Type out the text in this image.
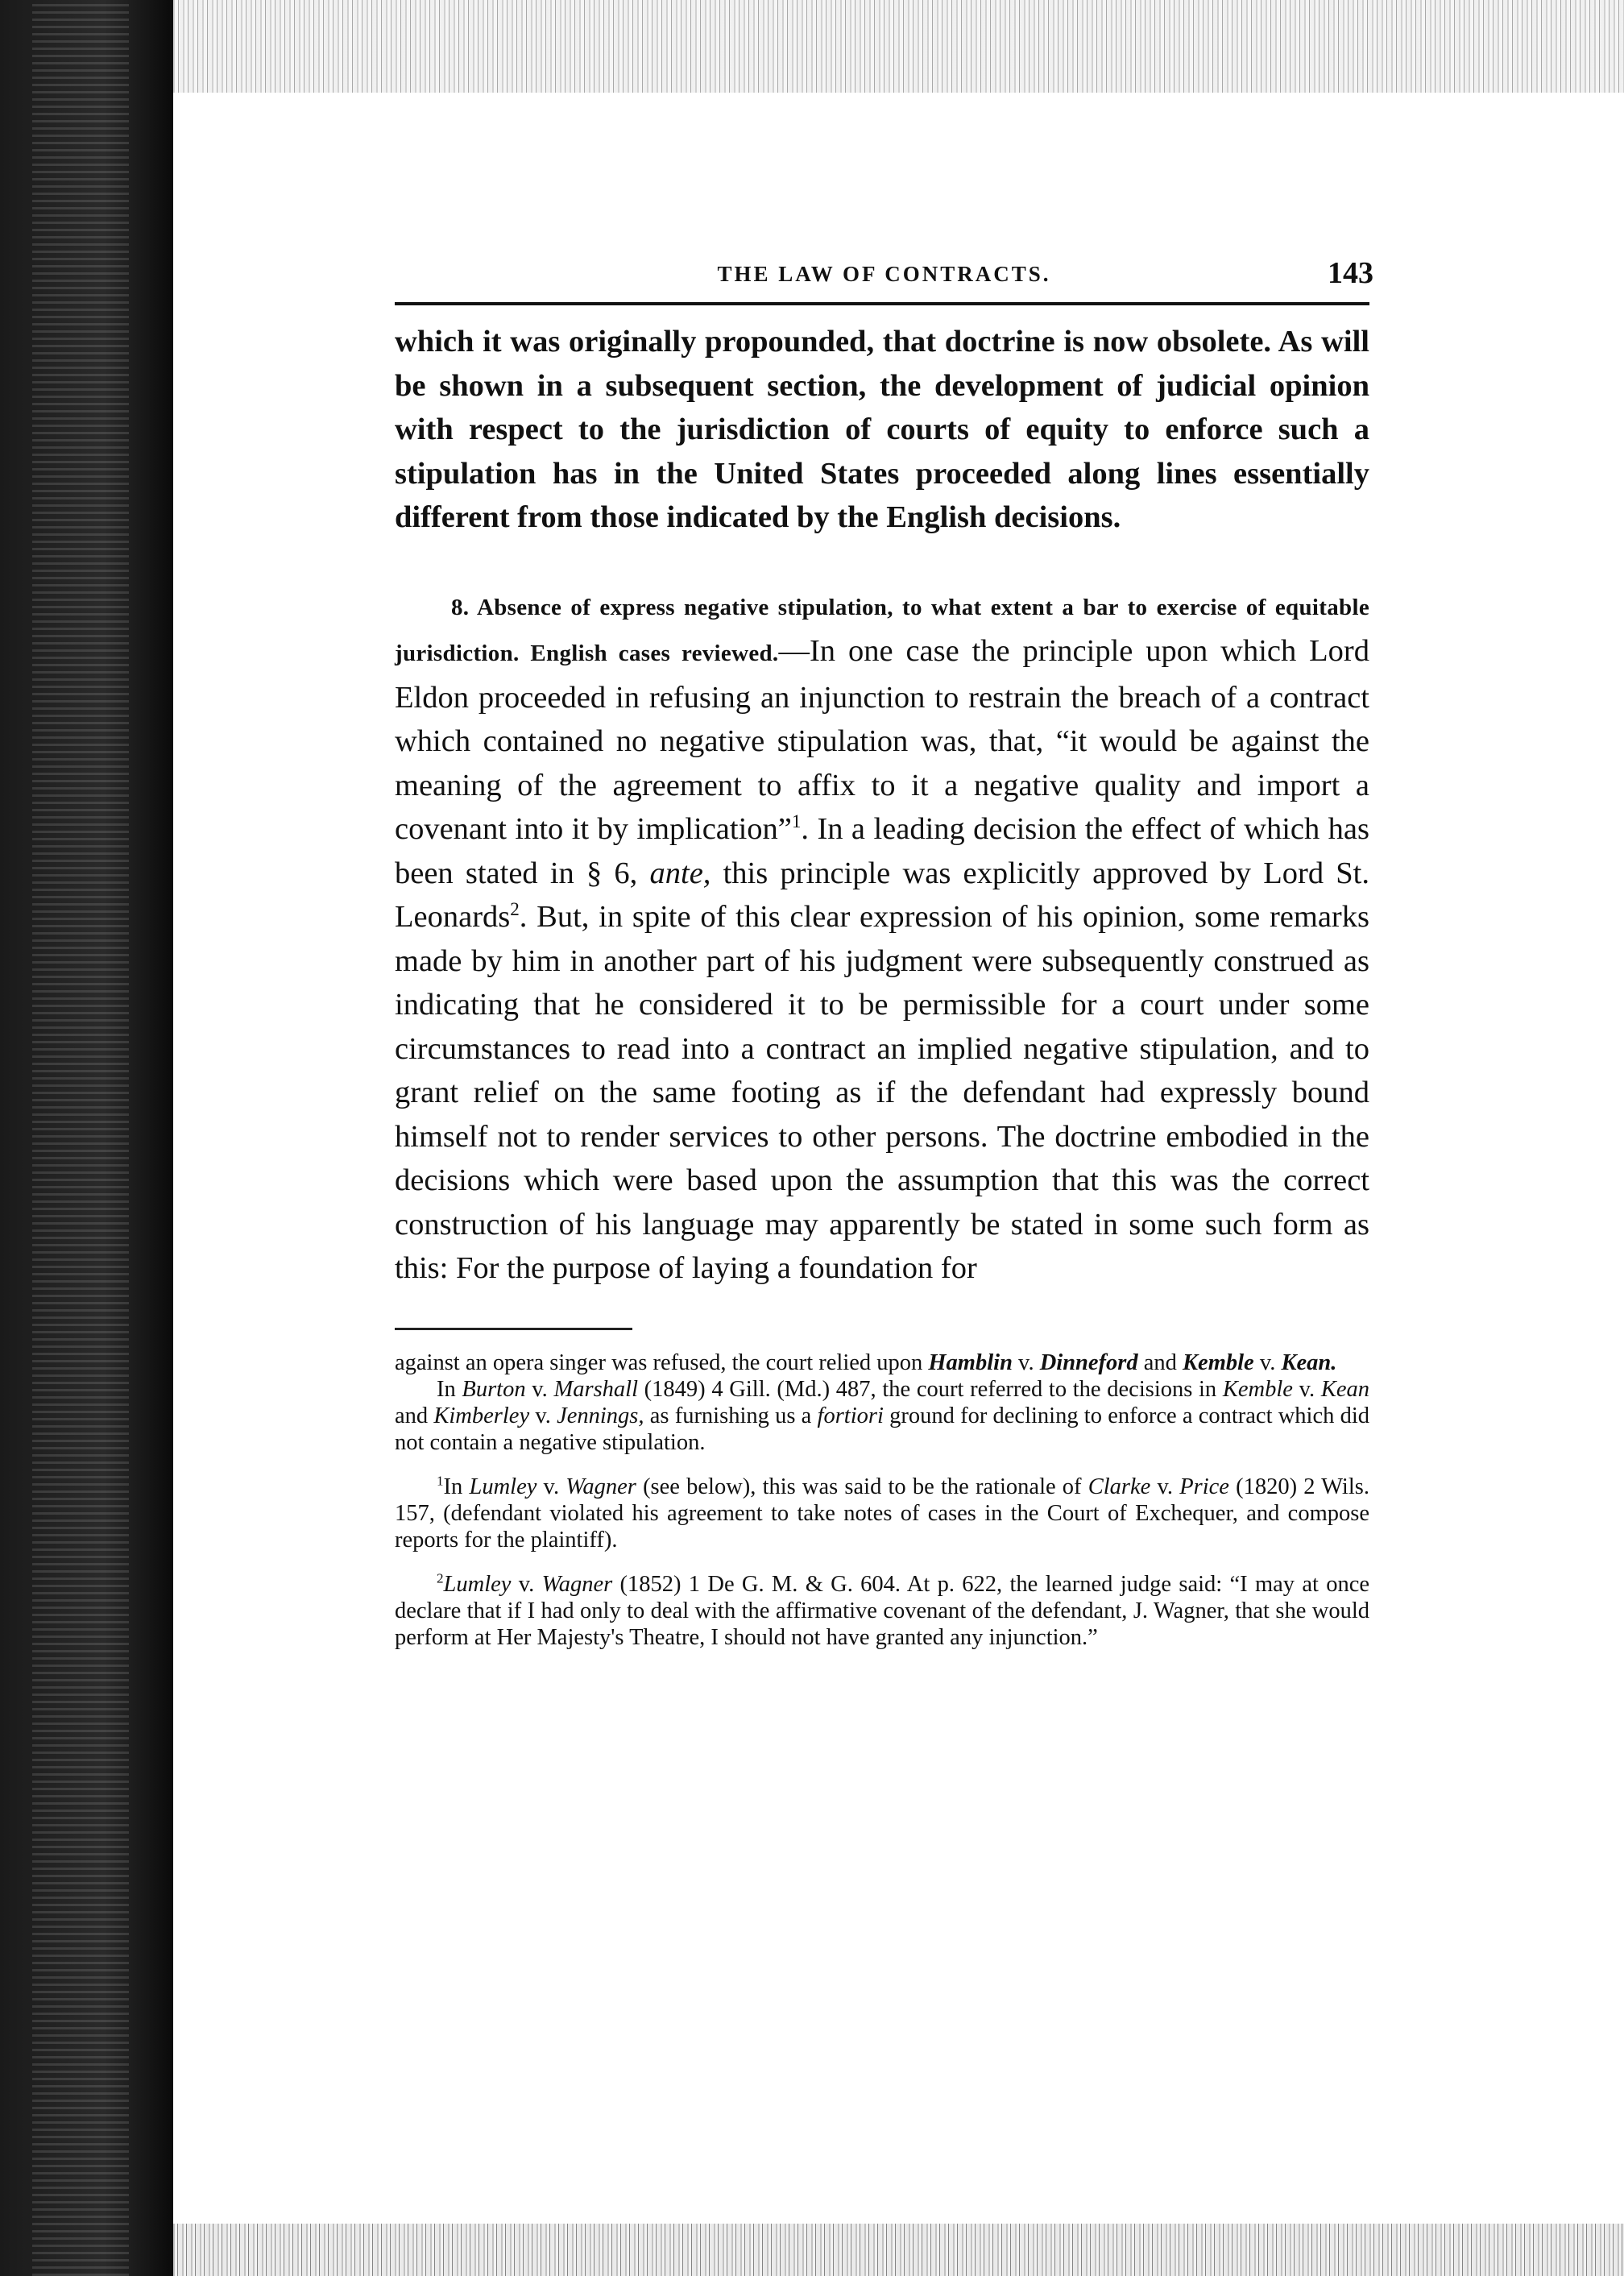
THE LAW OF CONTRACTS.	143

which it was originally propounded, that doctrine is now obsolete. As will be shown in a subsequent section, the development of judicial opinion with respect to the jurisdiction of courts of equity to enforce such a stipulation has in the United States proceeded along lines essentially different from those indicated by the English decisions.

8. Absence of express negative stipulation, to what extent a bar to exercise of equitable jurisdiction. English cases reviewed.—In one case the principle upon which Lord Eldon proceeded in refusing an injunction to restrain the breach of a contract which contained no negative stipulation was, that, “it would be against the meaning of the agreement to affix to it a negative quality and import a covenant into it by implication”$^1$. In a leading decision the effect of which has been stated in § 6, ante, this principle was explicitly approved by Lord St. Leonards$^2$. But, in spite of this clear expression of his opinion, some remarks made by him in another part of his judgment were subsequently construed as indicating that he considered it to be permissible for a court under some circumstances to read into a contract an implied negative stipulation, and to grant relief on the same footing as if the defendant had expressly bound himself not to render services to other persons. The doctrine embodied in the decisions which were based upon the assumption that this was the correct construction of his language may apparently be stated in some such form as this: For the purpose of laying a foundation for

against an opera singer was refused, the court relied upon Hamblin v. Dinneford and Kemble v. Kean.

In Burton v. Marshall (1849) 4 Gill. (Md.) 487, the court referred to the decisions in Kemble v. Kean and Kimberley v. Jennings, as furnishing us a fortiori ground for declining to enforce a contract which did not contain a negative stipulation.

$^1$In Lumley v. Wagner (see below), this was said to be the rationale of Clarke v. Price (1820) 2 Wils. 157, (defendant violated his agreement to take notes of cases in the Court of Exchequer, and compose reports for the plaintiff).

$^2$Lumley v. Wagner (1852) 1 De G. M. & G. 604. At p. 622, the learned judge said: “I may at once declare that if I had only to deal with the affirmative covenant of the defendant, J. Wagner, that she would perform at Her Majesty's Theatre, I should not have granted any injunction.”
